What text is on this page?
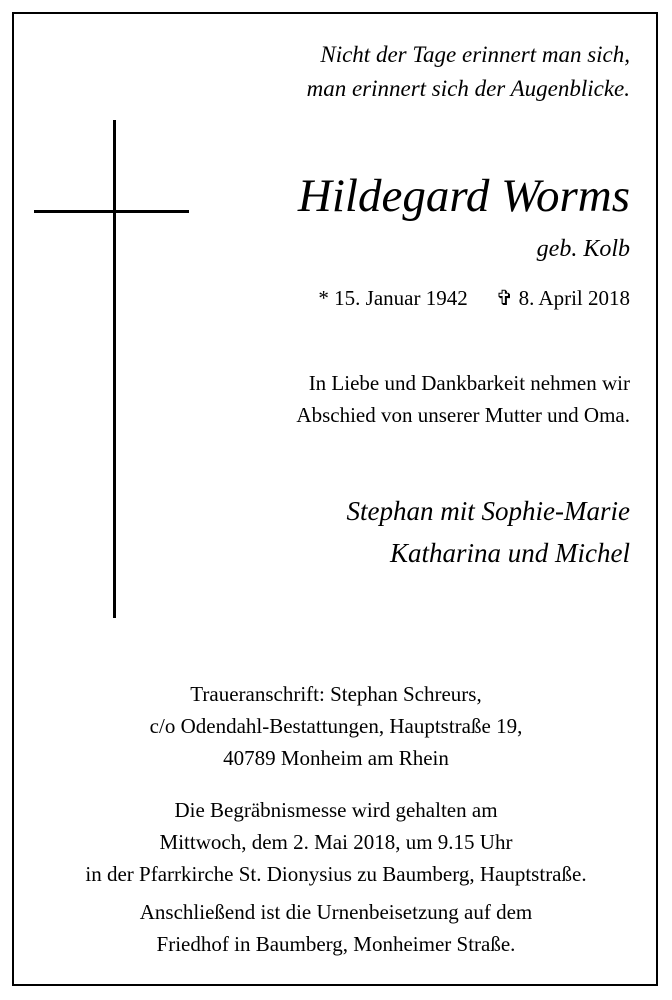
Nicht der Tage erinnert man sich,
man erinnert sich der Augenblicke.
Hildegard Worms
geb. Kolb
* 15. Januar 1942 ✞ 8. April 2018
In Liebe und Dankbarkeit nehmen wir
Abschied von unserer Mutter und Oma.
Stephan mit Sophie-Marie
Katharina und Michel
Traueranschrift: Stephan Schreurs,
c/o Odendahl-Bestattungen, Hauptstraße 19,
40789 Monheim am Rhein
Die Begräbnismesse wird gehalten am
Mittwoch, dem 2. Mai 2018, um 9.15 Uhr
in der Pfarrkirche St. Dionysius zu Baumberg, Hauptstraße.
Anschließend ist die Urnenbeisetzung auf dem
Friedhof in Baumberg, Monheimer Straße.
